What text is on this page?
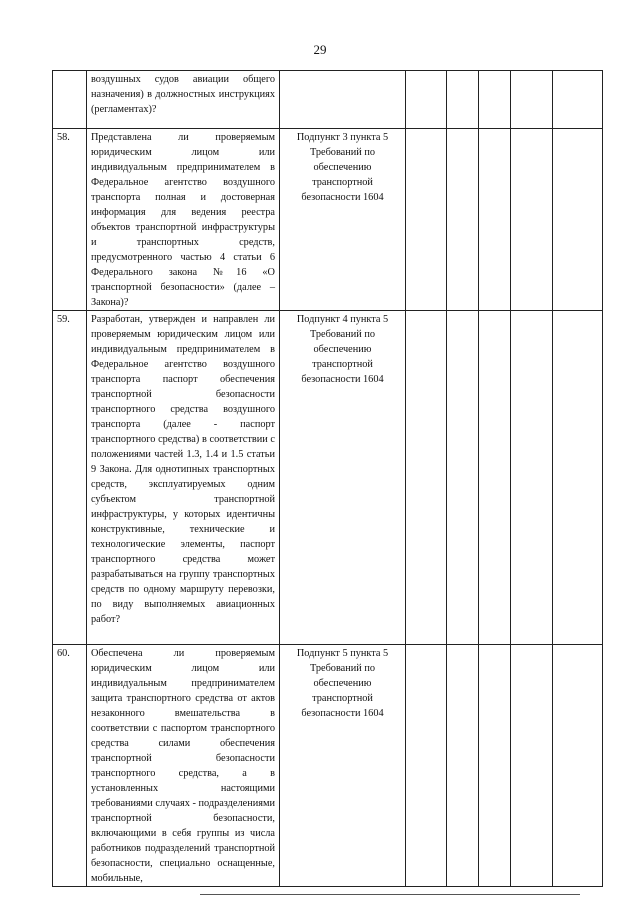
29
	воздушных судов авиации общего назначения) в должностных инструкциях (регламентах)?						
58.	Представлена ли проверяемым юридическим лицом или индивидуальным предпринимателем в Федеральное агентство воздушного транспорта полная и достоверная информация для ведения реестра объектов транспортной инфраструктуры и транспортных средств, предусмотренного частью 4 статьи 6 Федерального закона №16 «О транспортной безопасности» (далее – Закона)?	Подпункт 3 пункта 5 Требований по обеспечению транспортной безопасности 1604					
59.	Разработан, утвержден и направлен ли проверяемым юридическим лицом или индивидуальным предпринимателем в Федеральное агентство воздушного транспорта паспорт обеспечения транспортной безопасности транспортного средства воздушного транспорта (далее - паспорт транспортного средства) в соответствии с положениями частей 1.3, 1.4 и 1.5 статьи 9 Закона. Для однотипных транспортных средств, эксплуатируемых одним субъектом транспортной инфраструктуры, у которых идентичны конструктивные, технические и технологические элементы, паспорт транспортного средства может разрабатываться на группу транспортных средств по одному маршруту перевозки, по виду выполняемых авиационных работ?	Подпункт 4 пункта 5 Требований по обеспечению транспортной безопасности 1604					
60.	Обеспечена ли проверяемым юридическим лицом или индивидуальным предпринимателем защита транспортного средства от актов незаконного вмешательства в соответствии с паспортом транспортного средства силами обеспечения транспортной безопасности транспортного средства, а в установленных настоящими требованиями случаях - подразделениями транспортной безопасности, включающими в себя группы из числа работников подразделений транспортной безопасности, специально оснащенные, мобильные,	Подпункт 5 пункта 5 Требований по обеспечению транспортной безопасности 1604					
